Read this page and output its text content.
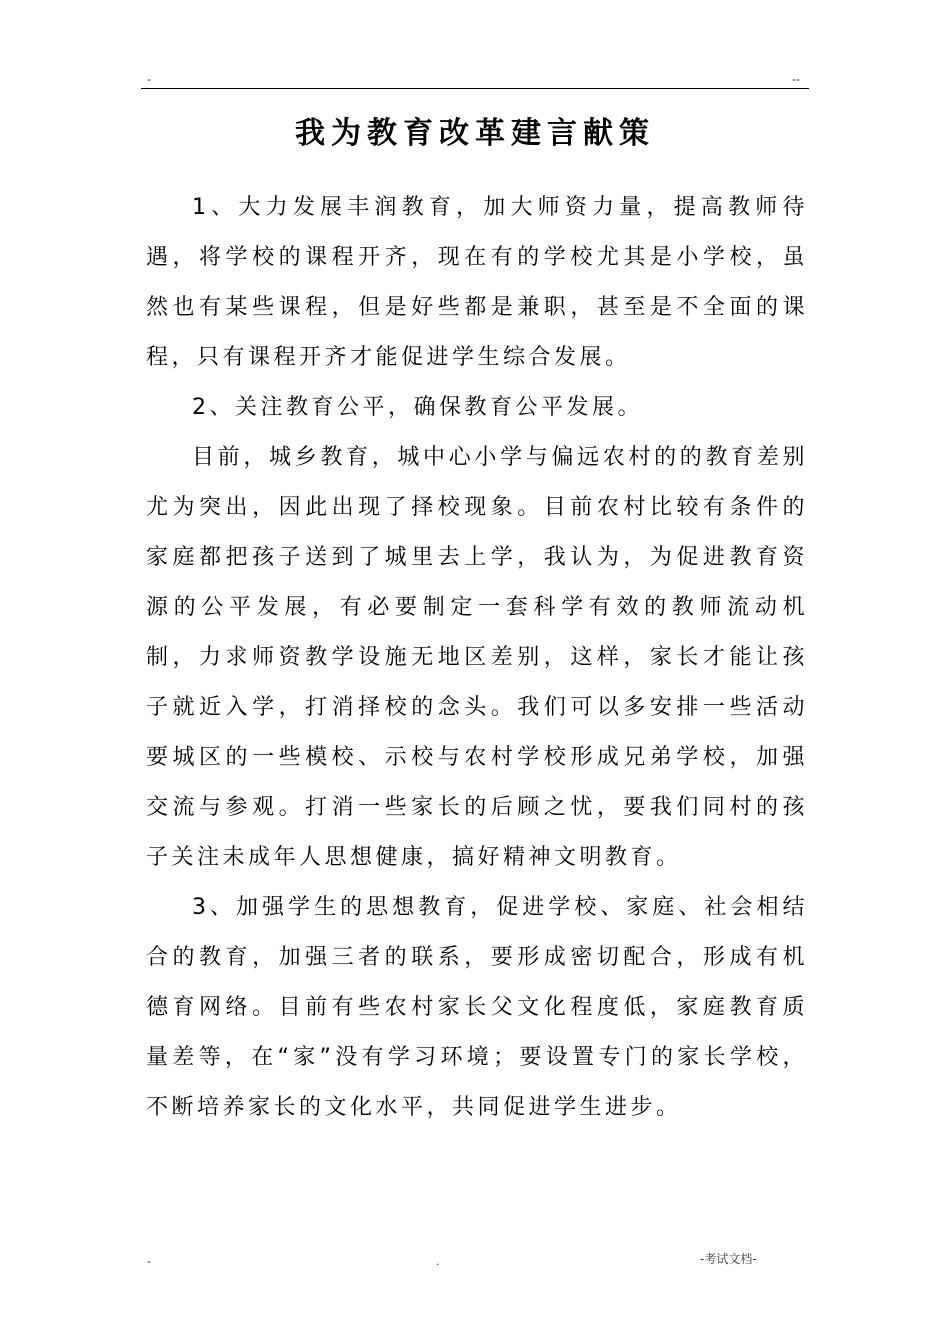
-	--
我为教育改革建言献策

1、大力发展丰润教育，加大师资力量，提高教师待遇，将学校的课程开齐，现在有的学校尤其是小学校，虽然也有某些课程，但是好些都是兼职，甚至是不全面的课程，只有课程开齐才能促进学生综合发展。

2、关注教育公平，确保教育公平发展。

目前，城乡教育，城中心小学与偏远农村的的教育差别尤为突出，因此出现了择校现象。目前农村比较有条件的家庭都把孩子送到了城里去上学，我认为，为促进教育资源的公平发展，有必要制定一套科学有效的教师流动机制，力求师资教学设施无地区差别，这样，家长才能让孩子就近入学，打消择校的念头。我们可以多安排一些活动要城区的一些模校、示校与农村学校形成兄弟学校，加强交流与参观。打消一些家长的后顾之忧，要我们同村的孩子关注未成年人思想健康，搞好精神文明教育。

3、加强学生的思想教育，促进学校、家庭、社会相结合的教育，加强三者的联系，要形成密切配合，形成有机德育网络。目前有些农村家长父文化程度低，家庭教育质量差等，在“家”没有学习环境；要设置专门的家长学校，不断培养家长的文化水平，共同促进学生进步。

-	.	-考试文档-
